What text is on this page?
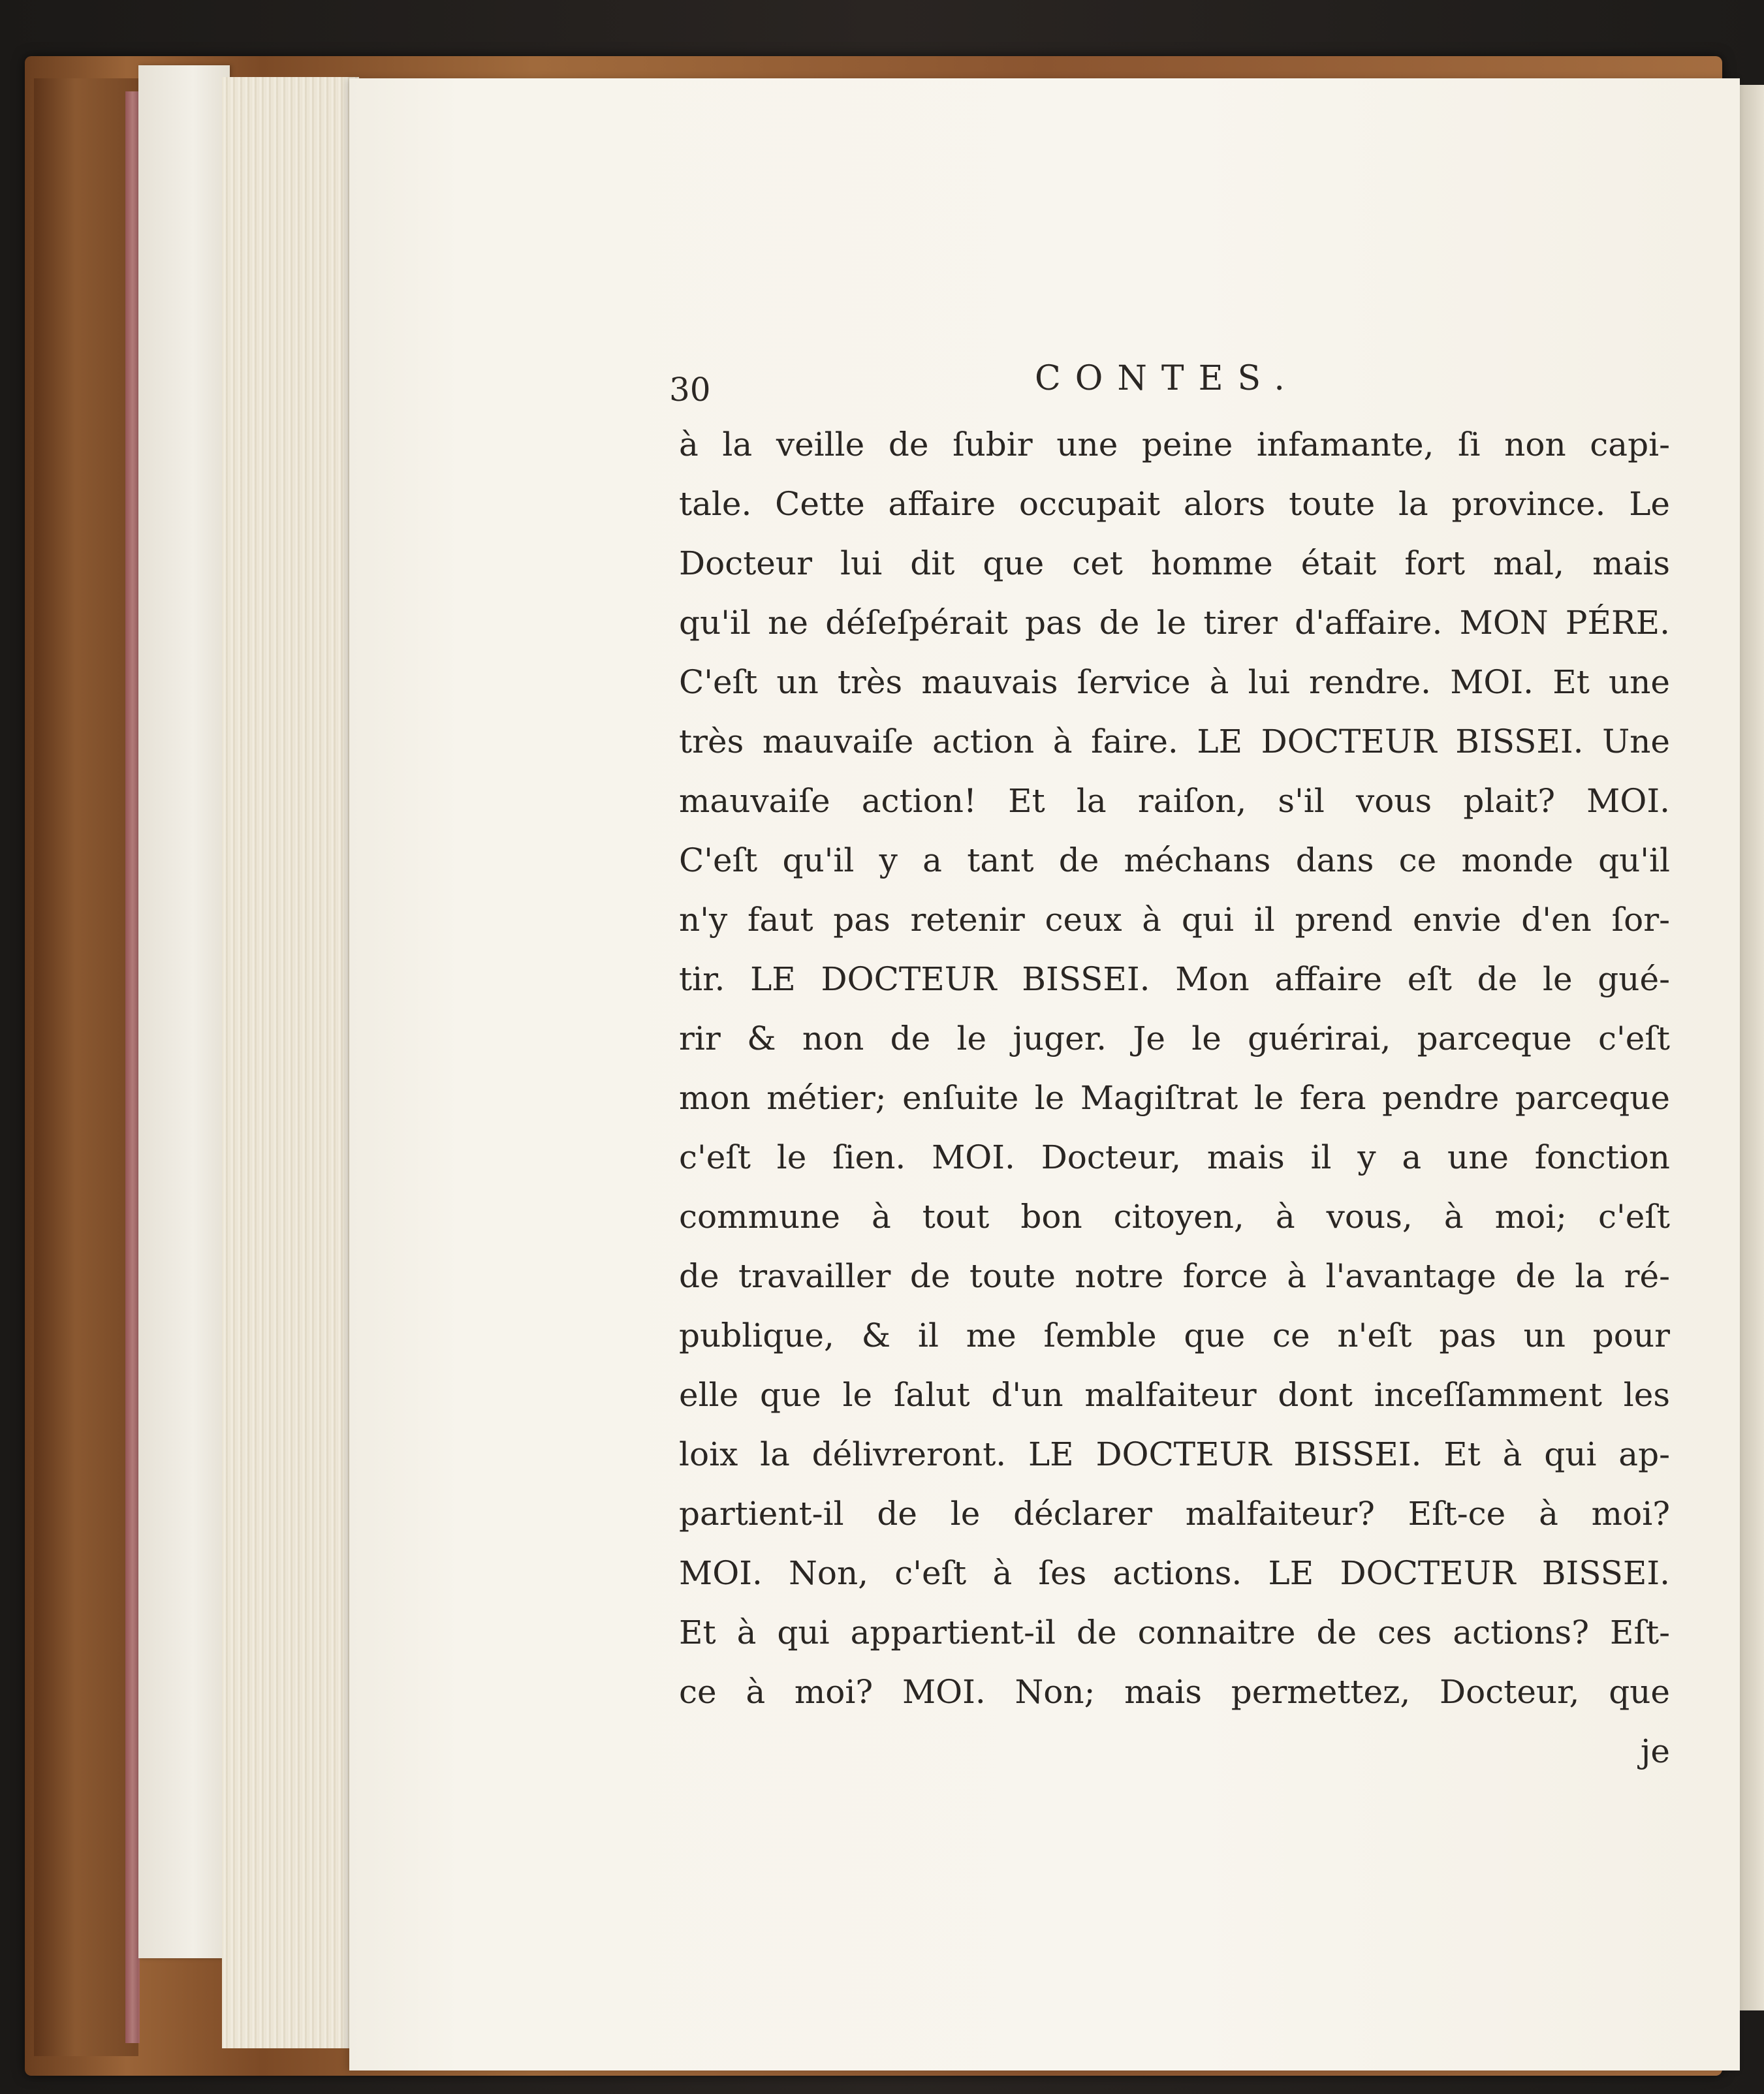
30	CONTES.

à la veille de ſubir une peine infamante, ſi non capi-
tale. Cette affaire occupait alors toute la province. Le
Docteur lui dit que cet homme était fort mal, mais
qu'il ne déſeſpérait pas de le tirer d'affaire. MON PÉRE.
C'eſt un très mauvais ſervice à lui rendre. MOI. Et une
très mauvaiſe action à faire. LE DOCTEUR BISSEI. Une
mauvaiſe action! Et la raiſon, s'il vous plait? MOI.
C'eſt qu'il y a tant de méchans dans ce monde qu'il
n'y faut pas retenir ceux à qui il prend envie d'en ſor-
tir. LE DOCTEUR BISSEI. Mon affaire eſt de le gué-
rir & non de le juger. Je le guérirai, parceque c'eſt
mon métier; enſuite le Magiſtrat le fera pendre parceque
c'eſt le ſien. MOI. Docteur, mais il y a une fonction
commune à tout bon citoyen, à vous, à moi; c'eſt
de travailler de toute notre force à l'avantage de la ré-
publique, & il me ſemble que ce n'eſt pas un pour
elle que le ſalut d'un malfaiteur dont inceſſamment les
loix la délivreront. LE DOCTEUR BISSEI. Et à qui ap-
partient-il de le déclarer malfaiteur? Eſt-ce à moi?
MOI. Non, c'eſt à ſes actions. LE DOCTEUR BISSEI.
Et à qui appartient-il de connaitre de ces actions? Eſt-
ce à moi? MOI. Non; mais permettez, Docteur, que
je
